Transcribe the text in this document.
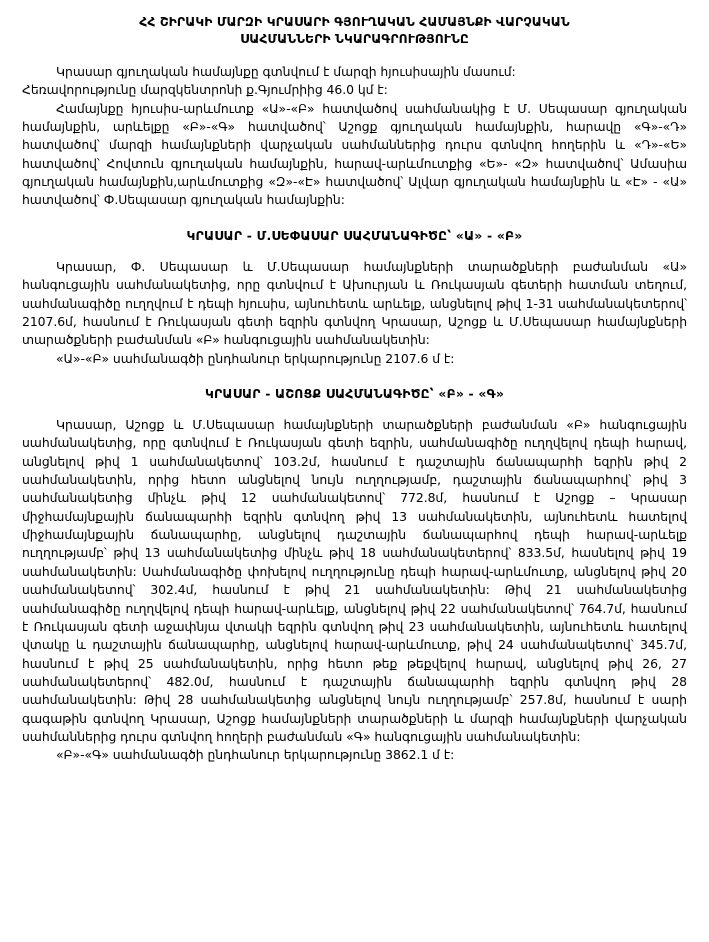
ՀՀ ՇԻՐԱԿԻ ՄԱՐԶԻ ԿՐԱՍԱՐԻ ԳՅՈՒՂԱԿԱՆ ՀԱՄԱՅՆՔԻ ՎԱՐՉԱԿԱՆ
ՍԱՀՄԱՆՆԵՐԻ ՆԿԱՐԱԳՐՈՒԹՅՈՒՆԸ

Կրասար գյուղական համայնքը գտնվում է մարզի հյուսիսային մասում:

Հեռավորությունը մարզկենտրոնի ք.Գյումրիից 46.0 կմ է:

Համայնքը հյուսիս-արևմուտք «Ա»-«Բ» հատվածով սահմանակից է Մ. Սեպասար գյուղական համայնքին, արևելքը «Բ»-«Գ» հատվածով՝ Աշոցք գյուղական համայնքին, հարավը «Գ»-«Դ» հատվածով՝ մարզի համայնքների վարչական սահմաններից դուրս գտնվող հողերին և «Դ»-«Ե» հատվածով՝ Հովտուն գյուղական համայնքին, հարավ-արևմուտքից «Ե»- «Զ» հատվածով՝ Ամասիա գյուղական համայնքին,արևմուտքից «Զ»-«Է» հատվածով՝ Ալվար գյուղական համայնքին և «Է» - «Ա» հատվածով՝ Ф.Սեպասար գյուղական համայնքին:

ԿՐԱՍԱՐ - Մ.ՍԵՓԱՍԱՐ ՍԱՀՄԱՆԱԳԻԾԸ՝ «Ա» - «Բ»

Կրասար, Ф. Սեպասար և Մ.Սեպասար համայնքների տարածքների բաժանման «Ա» հանգուցային սահմանակետից, որը գտնվում է Ախուրյան և Ռուկասյան գետերի հատման տեղում, սահմանագիծը ուղղվում է դեպի հյուսիս, այնուհետև արևելք, անցնելով թիվ 1-31 սահմանակետերով՝ 2107.6մ, հասնում է Ռուկասյան գետի եզրին գտնվող Կրասար, Աշոցք և Մ.Սեպասար համայնքների տարածքների բաժանման «Բ» հանգուցային սահմանակետին:

«Ա»-«Բ» սահմանագծի ընդհանուր երկարությունը 2107.6 մ է:

ԿՐԱՍԱՐ - ԱՇՈՑՔ ՍԱՀՄԱՆԱԳԻԾԸ՝ «Բ» - «Գ»

Կրասար, Աշոցք և Մ.Սեպասար համայնքների տարածքների բաժանման «Բ» հանգուցային սահմանակետից, որը գտնվում է Ռուկասյան գետի եզրին, սահմանագիծը ուղղվելով դեպի հարավ, անցնելով թիվ 1 սահմանակետով՝ 103.2մ, հասնում է դաշտային ճանապարհի եզրին թիվ 2 սահմանակետին, որից հետո անցնելով նույն ուղղությամբ, դաշտային ճանապարհով՝ թիվ 3 սահմանակետից մինչև թիվ 12 սահմանակետով՝ 772.8մ, հասնում է Աշոցք – Կրասար միջհամայնքային ճանապարհի եզրին գտնվող թիվ 13 սահմանակետին, այնուհետև հատելով միջհամայնքային ճանապարհը, անցնելով դաշտային ճանապարհով դեպի հարավ-արևելք ուղղությամբ՝ թիվ 13 սահմանակետից մինչև թիվ 18 սահմանակետերով՝ 833.5մ, հասնելով թիվ 19 սահմանակետին: Սահմանագիծը փոխելով ուղղությունը դեպի հարավ-արևմուտք, անցնելով թիվ 20 սահմանակետով՝ 302.4մ, հասնում է թիվ 21 սահմանակետին: Թիվ 21 սահմանակետից սահմանագիծը ուղղվելով դեպի հարավ-արևելք, անցնելով թիվ 22 սահմանակետով՝ 764.7մ, հասնում է Ռուկասյան գետի աջափնյա վտակի եզրին գտնվող թիվ 23 սահմանակետին, այնուհետև հատելով վտակը և դաշտային ճանապարհը, անցնելով հարավ-արևմուտք, թիվ 24 սահմանակետով՝ 345.7մ, հասնում է թիվ 25 սահմանակետին, որից հետո թեք թեքվելով հարավ, անցնելով թիվ 26, 27 սահմանակետերով՝ 482.0մ, հասնում է դաշտային ճանապարհի եզրին գտնվող թիվ 28 սահմանակետին: Թիվ 28 սահմանակետից անցնելով նույն ուղղությամբ՝ 257.8մ, հասնում է սարի գագաթին գտնվող Կրասար, Աշոցք համայնքների տարածքների և մարզի համայնքների վարչական սահմաններից դուրս գտնվող հողերի բաժանման «Գ» հանգուցային սահմանակետին:

«Բ»-«Գ» սահմանագծի ընդհանուր երկարությունը 3862.1 մ է:
